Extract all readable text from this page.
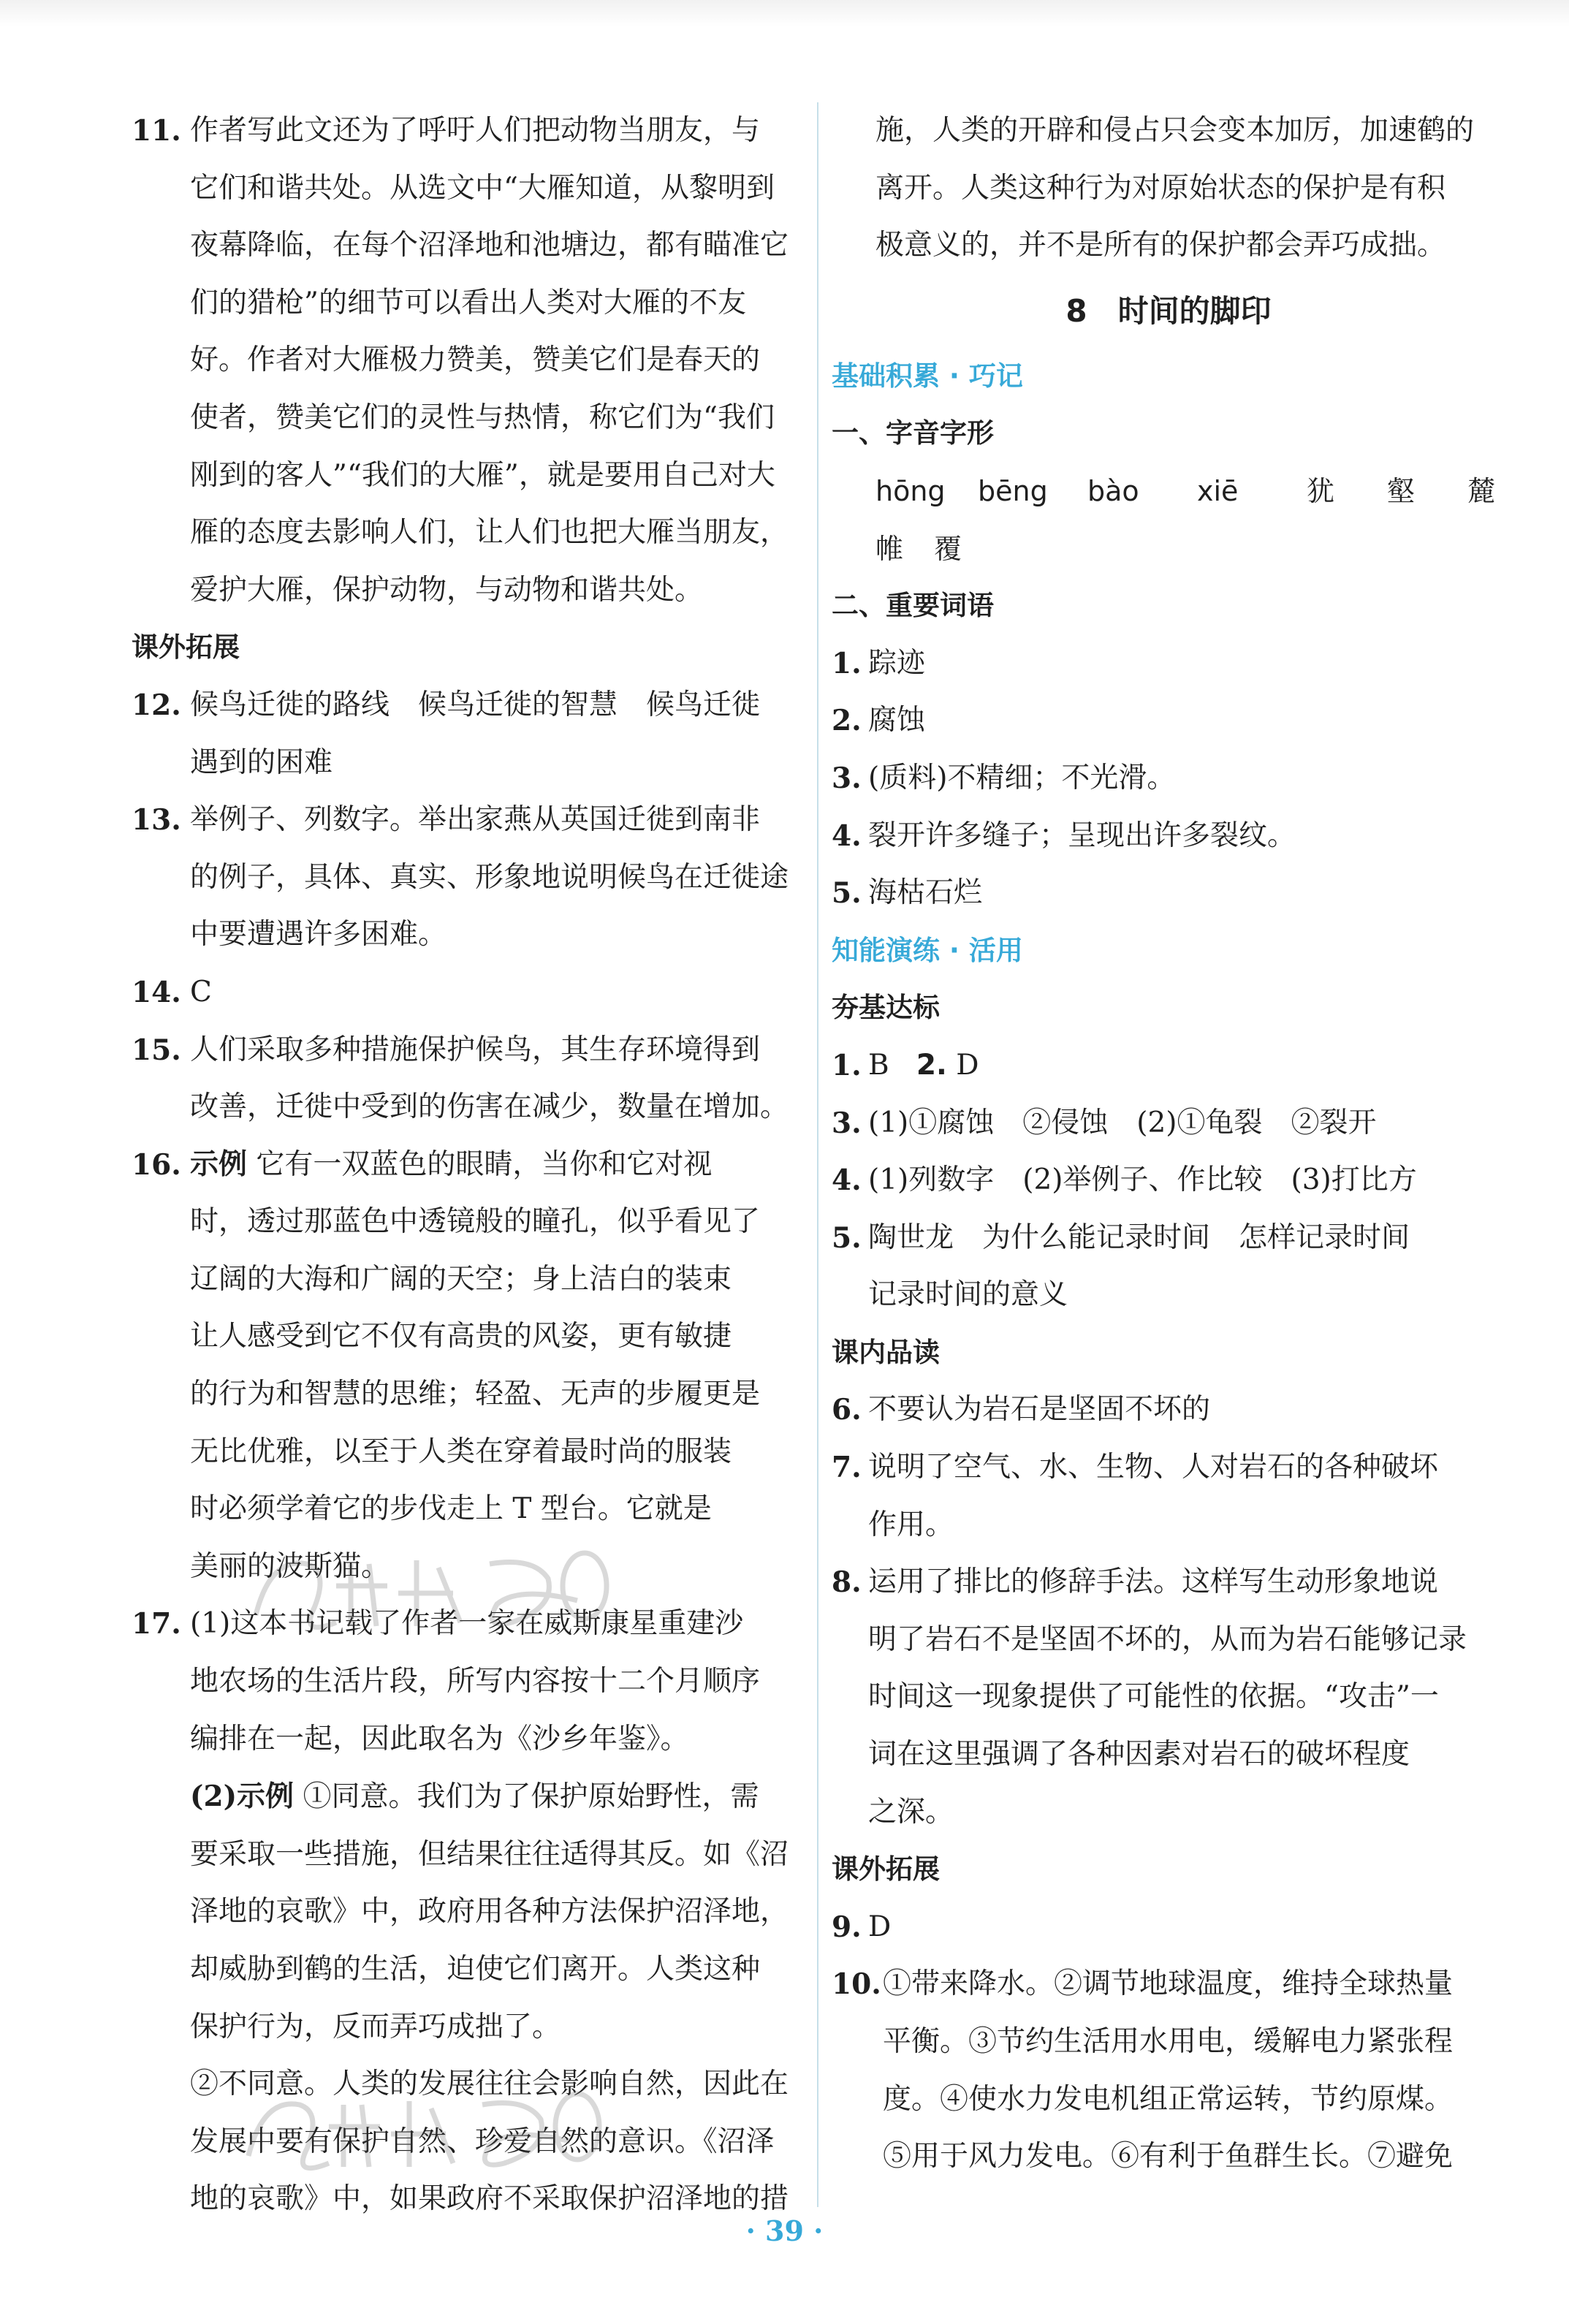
11. 作者写此文还为了呼吁人们把动物当朋友，与
它们和谐共处。从选文中“大雁知道，从黎明到
夜幕降临，在每个沼泽地和池塘边，都有瞄准它
们的猎枪”的细节可以看出人类对大雁的不友
好。作者对大雁极力赞美，赞美它们是春天的
使者，赞美它们的灵性与热情，称它们为“我们
刚到的客人”“我们的大雁”，就是要用自己对大
雁的态度去影响人们，让人们也把大雁当朋友，
爱护大雁，保护动物，与动物和谐共处。
课外拓展
12. 候鸟迁徙的路线　候鸟迁徙的智慧　候鸟迁徙
遇到的困难
13. 举例子、列数字。举出家燕从英国迁徙到南非
的例子，具体、真实、形象地说明候鸟在迁徙途
中要遭遇许多困难。
14. C
15. 人们采取多种措施保护候鸟，其生存环境得到
改善，迁徙中受到的伤害在减少，数量在增加。
16. 示例 它有一双蓝色的眼睛，当你和它对视
时，透过那蓝色中透镜般的瞳孔，似乎看见了
辽阔的大海和广阔的天空；身上洁白的装束
让人感受到它不仅有高贵的风姿，更有敏捷
的行为和智慧的思维；轻盈、无声的步履更是
无比优雅，以至于人类在穿着最时尚的服装
时必须学着它的步伐走上 T 型台。它就是
美丽的波斯猫。
17. (1)这本书记载了作者一家在威斯康星重建沙
地农场的生活片段，所写内容按十二个月顺序
编排在一起，因此取名为《沙乡年鉴》。
(2)示例 ①同意。我们为了保护原始野性，需
要采取一些措施，但结果往往适得其反。如《沼
泽地的哀歌》中，政府用各种方法保护沼泽地，
却威胁到鹤的生活，迫使它们离开。人类这种
保护行为，反而弄巧成拙了。
②不同意。人类的发展往往会影响自然，因此在
发展中要有保护自然、珍爱自然的意识。《沼泽
地的哀歌》中，如果政府不采取保护沼泽地的措
施，人类的开辟和侵占只会变本加厉，加速鹤的
离开。人类这种行为对原始状态的保护是有积
极意义的，并不是所有的保护都会弄巧成拙。
8　时间的脚印
基础积累 · 巧记
一、字音字形
hōng	bēng	bào	xiē	犹	壑	麓
帷	覆
二、重要词语
1. 踪迹
2. 腐蚀
3. (质料)不精细；不光滑。
4. 裂开许多缝子；呈现出许多裂纹。
5. 海枯石烂
知能演练 · 活用
夯基达标
1. B 2. D
3. (1)①腐蚀　②侵蚀　(2)①龟裂　②裂开
4. (1)列数字　(2)举例子、作比较　(3)打比方
5. 陶世龙　为什么能记录时间　怎样记录时间
记录时间的意义
课内品读
6. 不要认为岩石是坚固不坏的
7. 说明了空气、水、生物、人对岩石的各种破坏
作用。
8. 运用了排比的修辞手法。这样写生动形象地说
明了岩石不是坚固不坏的，从而为岩石能够记录
时间这一现象提供了可能性的依据。“攻击”一
词在这里强调了各种因素对岩石的破坏程度
之深。
课外拓展
9. D
10. ①带来降水。②调节地球温度，维持全球热量
平衡。③节约生活用水用电，缓解电力紧张程
度。④使水力发电机组正常运转，节约原煤。
⑤用于风力发电。⑥有利于鱼群生长。⑦避免
· 39 ·
